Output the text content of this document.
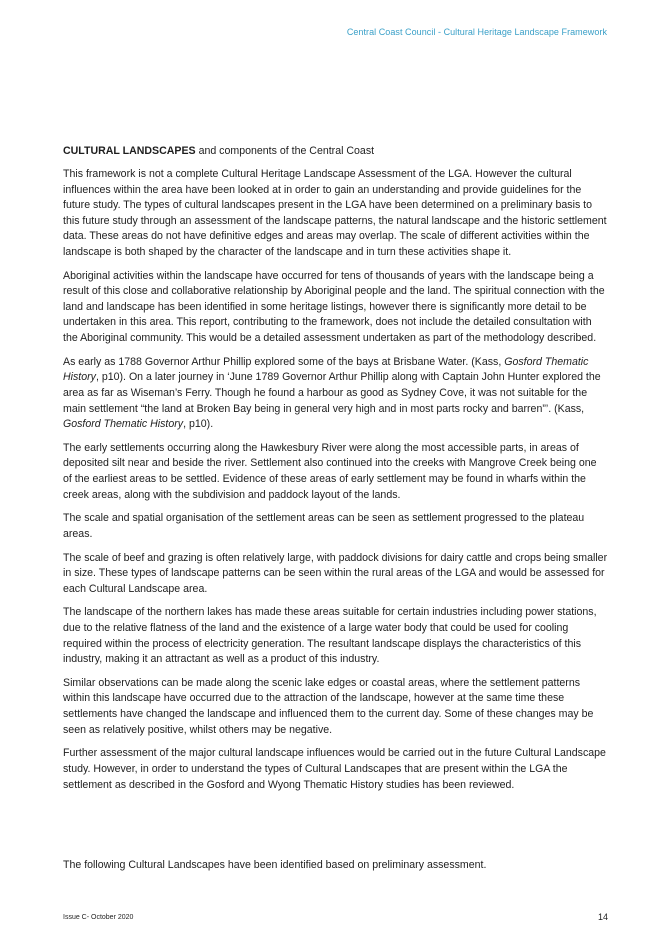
Central Coast Council - Cultural Heritage Landscape Framework
CULTURAL LANDSCAPES and components of the Central Coast

This framework is not a complete Cultural Heritage Landscape Assessment of the LGA. However the cultural influences within the area have been looked at in order to gain an understanding and provide guidelines for the future study. The types of cultural landscapes present in the LGA have been determined on a preliminary basis to this future study through an assessment of the landscape patterns, the natural landscape and the historic settlement data. These areas do not have definitive edges and areas may overlap. The scale of different activities within the landscape is both shaped by the character of the landscape and in turn these activities shape it.

Aboriginal activities within the landscape have occurred for tens of thousands of years with the landscape being a result of this close and collaborative relationship by Aboriginal people and the land. The spiritual connection with the land and landscape has been identified in some heritage listings, however there is significantly more detail to be undertaken in this area. This report, contributing to the framework, does not include the detailed consultation with the Aboriginal community. This would be a detailed assessment undertaken as part of the methodology described.

As early as 1788 Governor Arthur Phillip explored some of the bays at Brisbane Water. (Kass, Gosford Thematic History, p10). On a later journey in ‘June 1789 Governor Arthur Phillip along with Captain John Hunter explored the area as far as Wiseman’s Ferry. Though he found a harbour as good as Sydney Cove, it was not suitable for the main settlement “the land at Broken Bay being in general very high and in most parts rocky and barren”’. (Kass, Gosford Thematic History, p10).

The early settlements occurring along the Hawkesbury River were along the most accessible parts, in areas of deposited silt near and beside the river. Settlement also continued into the creeks with Mangrove Creek being one of the earliest areas to be settled. Evidence of these areas of early settlement may be found in wharfs within the creek areas, along with the subdivision and paddock layout of the lands.

The scale and spatial organisation of the settlement areas can be seen as settlement progressed to the plateau areas.

The scale of beef and grazing is often relatively large, with paddock divisions for dairy cattle and crops being smaller in size. These types of landscape patterns can be seen within the rural areas of the LGA and would be assessed for each Cultural Landscape area.

The landscape of the northern lakes has made these areas suitable for certain industries including power stations, due to the relative flatness of the land and the existence of a large water body that could be used for cooling required within the process of electricity generation. The resultant landscape displays the characteristics of this industry, making it an attractant as well as a product of this industry.

Similar observations can be made along the scenic lake edges or coastal areas, where the settlement patterns within this landscape have occurred due to the attraction of the landscape, however at the same time these settlements have changed the landscape and influenced them to the current day. Some of these changes may be seen as relatively positive, whilst others may be negative.

Further assessment of the major cultural landscape influences would be carried out in the future Cultural Landscape study. However, in order to understand the types of Cultural Landscapes that are present within the LGA the settlement as described in the Gosford and Wyong Thematic History studies has been reviewed.

The following Cultural Landscapes have been identified based on preliminary assessment.

Issue C- October 2020	14
